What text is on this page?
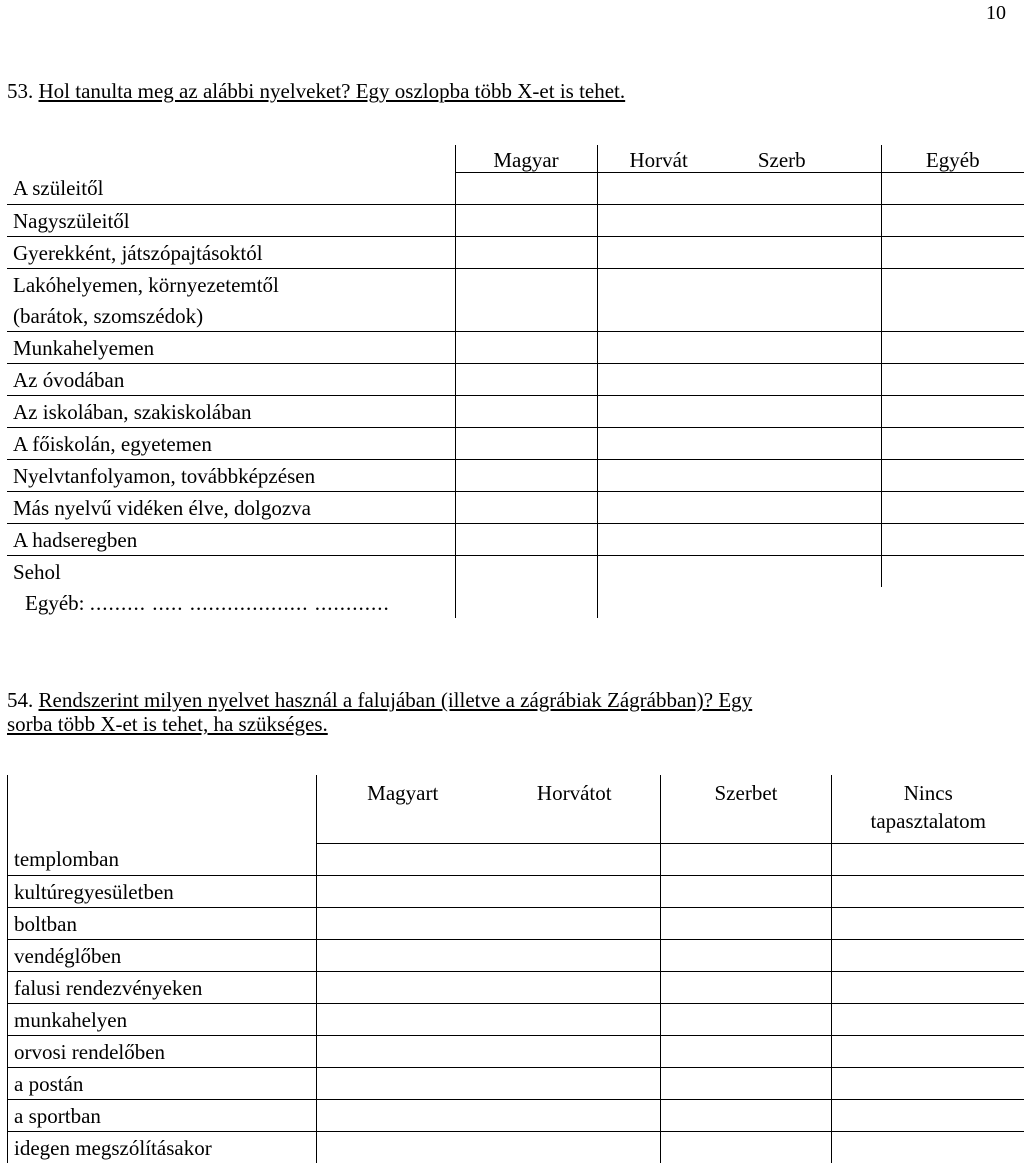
10
53. Hol tanulta meg az alábbi nyelveket? Egy oszlopba több X-et is tehet.
	Magyar	Horvát Szerb	Egyéb
A szüleitől			
Nagyszüleitől			
Gyerekként, játszópajtásoktól			
Lakóhelyemen, környezetemtől			
(barátok, szomszédok)			
Munkahelyemen			
Az óvodában			
Az iskolában, szakiskolában			
A főiskolán, egyetemen			
Nyelvtanfolyamon, továbbképzésen			
Más nyelvű vidéken élve, dolgozva			
A hadseregben			
Sehol			
Egyéb: ......... ..... ................... ............			
54. Rendszerint milyen nyelvet használ a falujában (illetve a zágrábiak Zágrábban)? Egy
sorba több X-et is tehet, ha szükséges.
	Magyart	Horvátot	Szerbet	Nincs
tapasztalatom
templomban				
kultúregyesületben				
boltban				
vendéglőben				
falusi rendezvényeken				
munkahelyen				
orvosi rendelőben				
a postán				
a sportban				
idegen megszólításakor				
